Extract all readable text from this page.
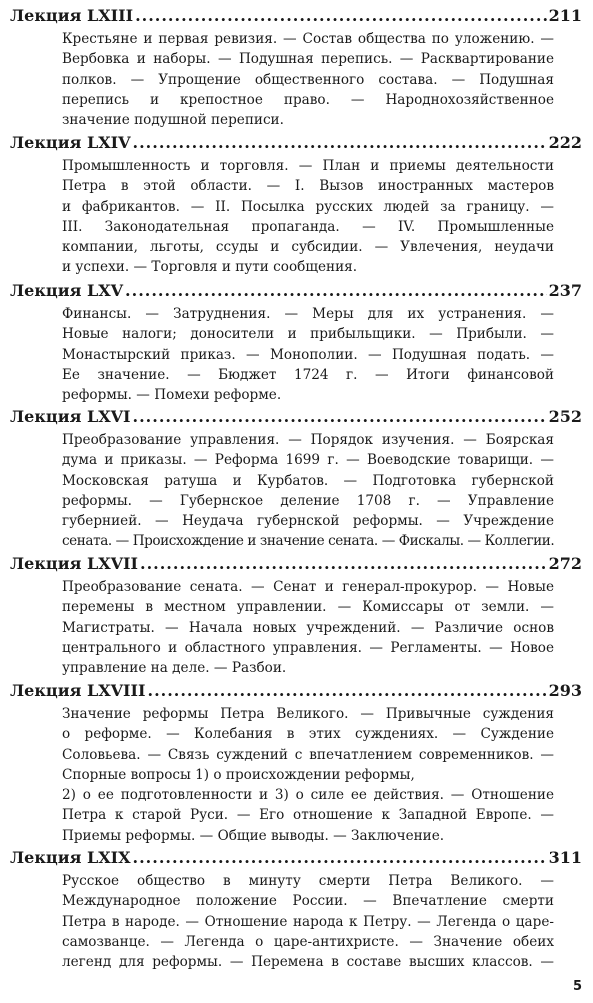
Лекция LXIII .....	211
Крестьяне и первая ревизия. — Состав общества по уложению. —
Вербовка и наборы. — Подушная перепись. — Расквартирование
полков. — Упрощение общественного состава. — Подушная
перепись и крепостное право. — Народнохозяйственное
значение подушной переписи.
Лекция LXIV .....	222
Промышленность и торговля. — План и приемы деятельности
Петра в этой области. — I. Вызов иностранных мастеров
и фабрикантов. — II. Посылка русских людей за границу. —
III. Законодательная пропаганда. — IV. Промышленные
компании, льготы, ссуды и субсидии. — Увлечения, неудачи
и успехи. — Торговля и пути сообщения.
Лекция LXV .....	237
Финансы. — Затруднения. — Меры для их устранения. —
Новые налоги; доносители и прибыльщики. — Прибыли. —
Монастырский приказ. — Монополии. — Подушная подать. —
Ее значение. — Бюджет 1724 г. — Итоги финансовой
реформы. — Помехи реформе.
Лекция LXVI .....	252
Преобразование управления. — Порядок изучения. — Боярская
дума и приказы. — Реформа 1699 г. — Воеводские товарищи. —
Московская ратуша и Курбатов. — Подготовка губернской
реформы. — Губернское деление 1708 г. — Управление
губернией. — Неудача губернской реформы. — Учреждение
сената. — Происхождение и значение сената. — Фискалы. — Коллегии.
Лекция LXVII .....	272
Преобразование сената. — Сенат и генерал-прокурор. — Новые
перемены в местном управлении. — Комиссары от земли. —
Магистраты. — Начала новых учреждений. — Различие основ
центрального и областного управления. — Регламенты. — Новое
управление на деле. — Разбои.
Лекция LXVIII .....	293
Значение реформы Петра Великого. — Привычные суждения
о реформе. — Колебания в этих суждениях. — Суждение
Соловьева. — Связь суждений с впечатлением современников. —
Спорные вопросы 1) о происхождении реформы,
2) о ее подготовленности и 3) о силе ее действия. — Отношение
Петра к старой Руси. — Его отношение к Западной Европе. —
Приемы реформы. — Общие выводы. — Заключение.
Лекция LXIX .....	311
Русское общество в минуту смерти Петра Великого. —
Международное положение России. — Впечатление смерти
Петра в народе. — Отношение народа к Петру. — Легенда о царе-
самозванце. — Легенда о царе-антихристе. — Значение обеих
легенд для реформы. — Перемена в составе высших классов. —
5
